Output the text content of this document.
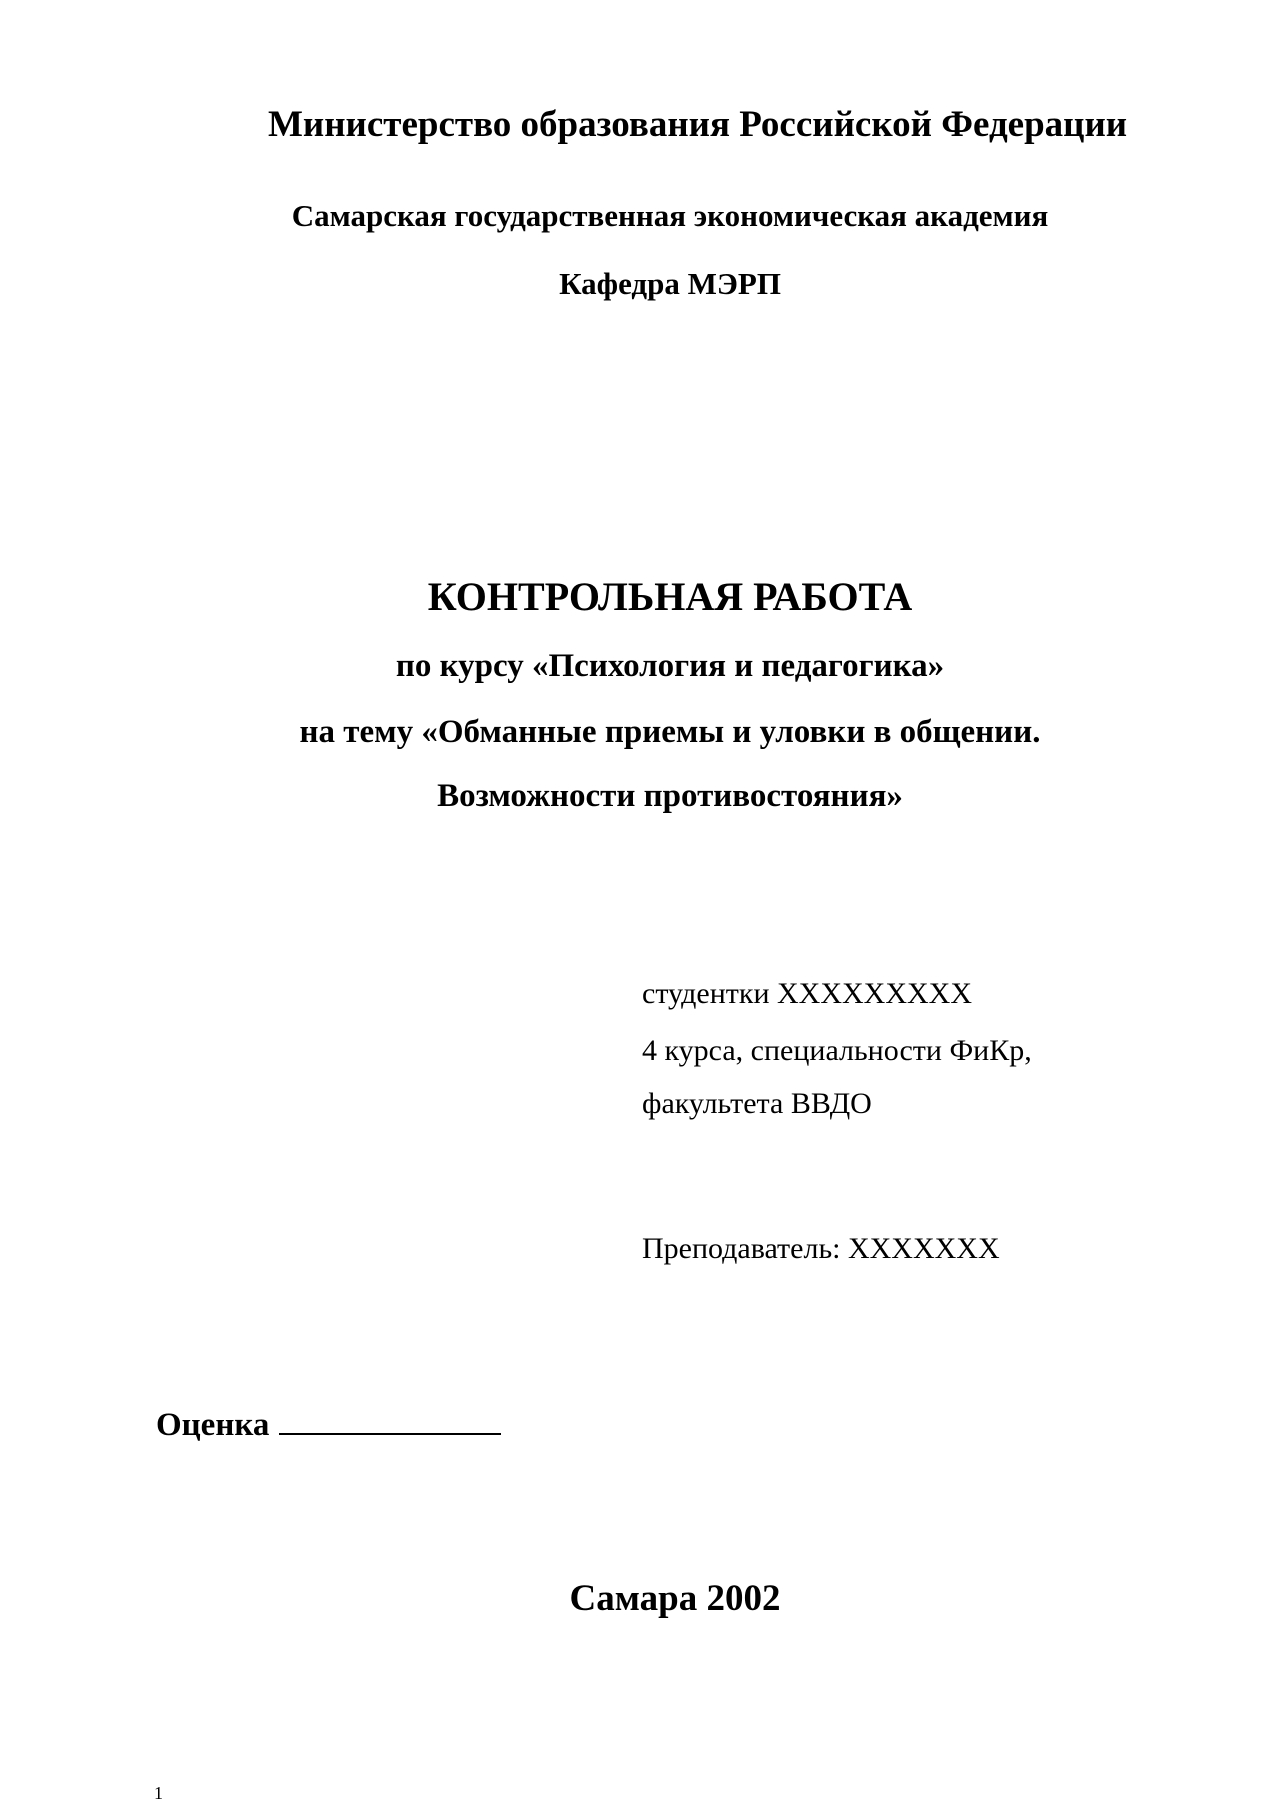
Министерство образования Российской Федерации

Самарская государственная экономическая академия

Кафедра МЭРП

КОНТРОЛЬНАЯ РАБОТА

по курсу «Психология и педагогика»

на тему «Обманные приемы и уловки в общении.

Возможности противостояния»

студентки ХХХХХХХХХ

4 курса, специальности ФиКр,

факультета ВВДО

Преподаватель: ХХХХХХХ

Оценка

Самара 2002

1
